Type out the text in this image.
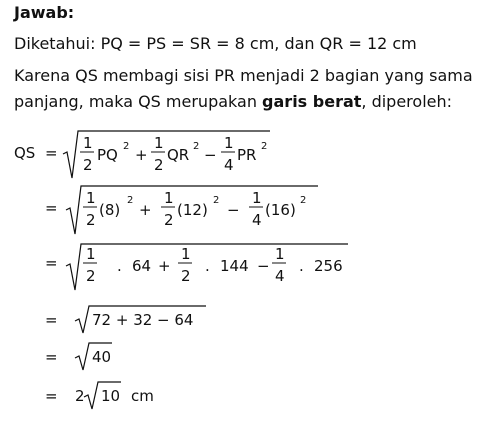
Jawab:
Diketahui: PQ = PS = SR = 8 cm, dan QR = 12 cm
Karena QS membagi sisi PR menjadi 2 bagian yang sama
panjang, maka QS merupakan garis berat, diperoleh:
QS =
1
2
PQ 2 +
1
2
QR 2 −
1
4
PR 2
=
1
2
(8)
2
+
1
2
(12)
2
−
1
4
(16)
2
= 1
2
. 64 +
1
2
. 144 −
1
4
. 256
= 72 + 32 − 64
= 40
= 2 10 cm
